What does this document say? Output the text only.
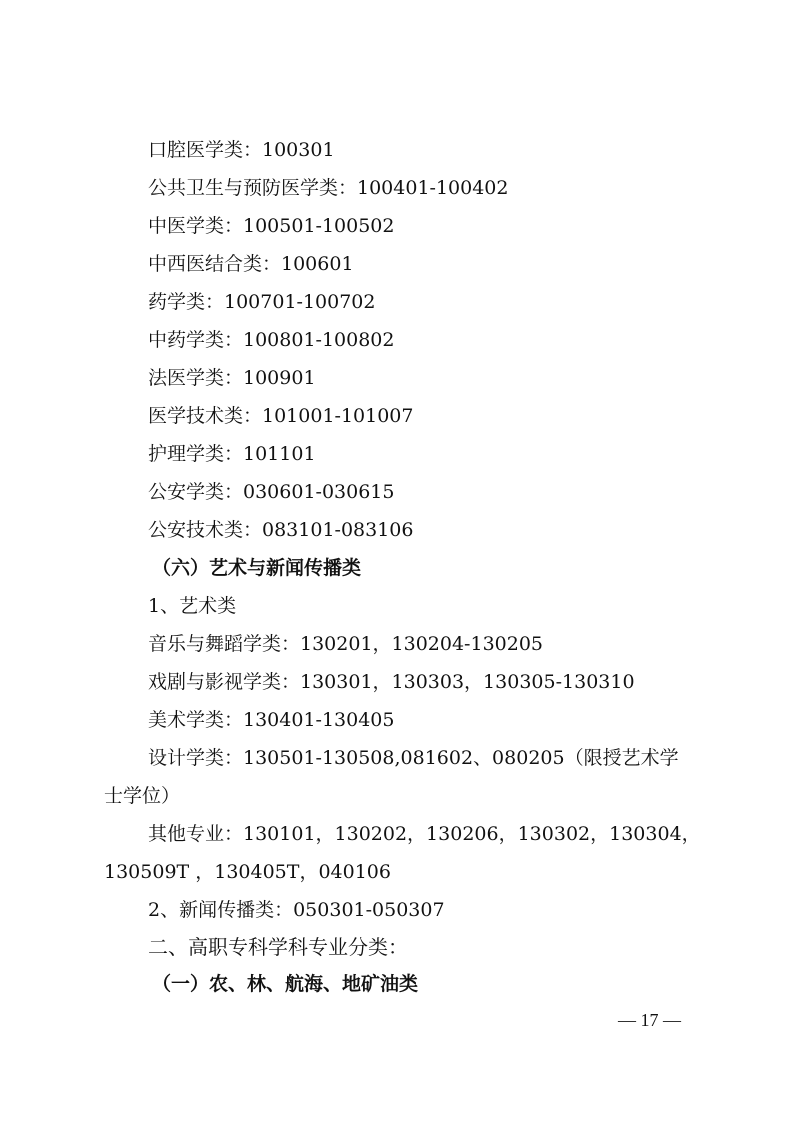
口腔医学类：100301
公共卫生与预防医学类：100401-100402
中医学类：100501-100502
中西医结合类：100601
药学类：100701-100702
中药学类：100801-100802
法医学类：100901
医学技术类：101001-101007
护理学类：101101
公安学类：030601-030615
公安技术类：083101-083106
（六）艺术与新闻传播类
1、艺术类
音乐与舞蹈学类：130201，130204-130205
戏剧与影视学类：130301，130303，130305-130310
美术学类：130401-130405
设计学类：130501-130508,081602、080205（限授艺术学
士学位）
其他专业：130101，130202，130206，130302，130304，
130509T ，130405T，040106
2、新闻传播类：050301-050307
二、高职专科学科专业分类：
（一）农、林、航海、地矿油类
— 17 —
